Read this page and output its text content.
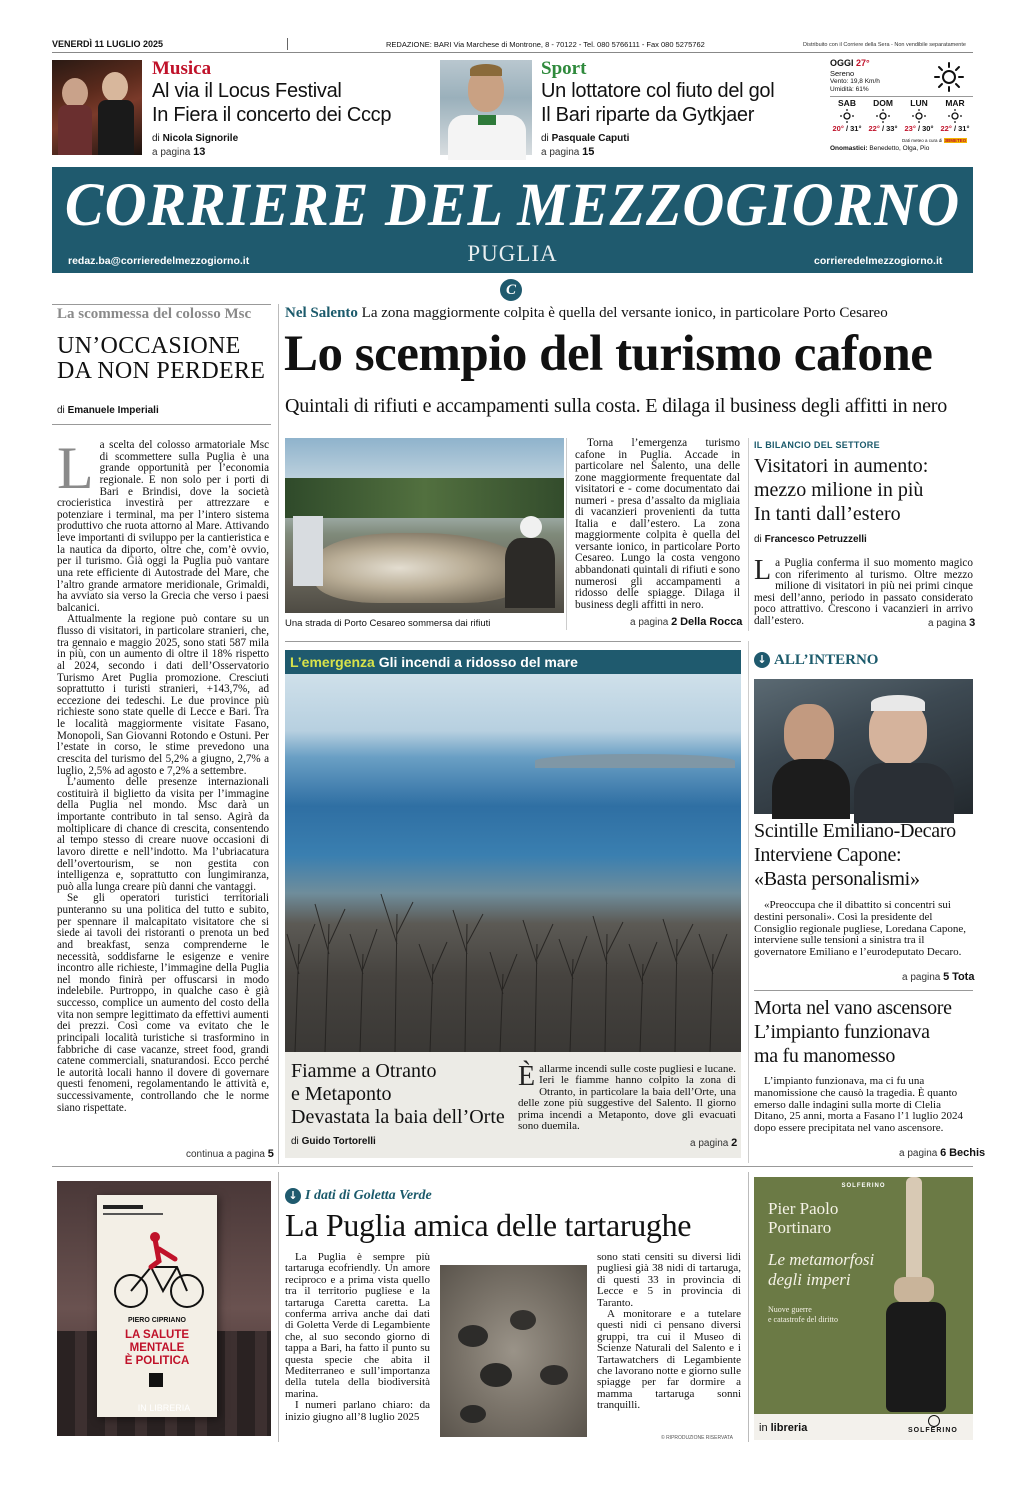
VENERDÌ 11 LUGLIO 2025	REDAZIONE: BARI Via Marchese di Montrone, 8 - 70122 - Tel. 080 5766111 - Fax 080 5275762	Distribuito con il Corriere della Sera - Non vendibile separatamente
Musica
Al via il Locus Festival
In Fiera il concerto dei Cccp
di Nicola Signorile
a pagina 13
Sport
Un lottatore col fiuto del gol
Il Bari riparte da Gytkjaer
di Pasquale Caputi
a pagina 15
OGGI 27°
Sereno
Vento: 19,8 Km/h
Umidità: 61%
SAB
20° / 31°
DOM
22° / 33°
LUN
23° / 30°
MAR
22° / 31°
Dati meteo a cura di 3BMETEO
Onomastici: Benedetto, Olga, Pio
CORRIERE DEL MEZZOGIORNO
PUGLIA
redaz.ba@corrieredelmezzogiorno.it	corrieredelmezzogiorno.it
C
La scommessa del colosso Msc
UN’OCCASIONE
DA NON PERDERE
di Emanuele Imperiali
L a scelta del colosso armatoriale Msc di scommettere sulla Puglia è una grande opportunità per l’economia regionale. E non solo per i porti di Bari e Brindisi, dove la società crocieristica investirà per attrezzare e potenziare i terminal, ma per l’intero sistema produttivo che ruota attorno al Mare. Attivando leve importanti di sviluppo per la cantieristica e la nautica da diporto, oltre che, com’è ovvio, per il turismo. Già oggi la Puglia può vantare una rete efficiente di Autostrade del Mare, che l’altro grande armatore meridionale, Grimaldi, ha avviato sia verso la Grecia che verso i paesi balcanici.
Attualmente la regione può contare su un flusso di visitatori, in particolare stranieri, che, tra gennaio e maggio 2025, sono stati 587 mila in più, con un aumento di oltre il 18% rispetto al 2024, secondo i dati dell’Osservatorio Turismo Aret Puglia promozione. Cresciuti soprattutto i turisti stranieri, +143,7%, ad eccezione dei tedeschi. Le due province più richieste sono state quelle di Lecce e Bari. Tra le località maggiormente visitate Fasano, Monopoli, San Giovanni Rotondo e Ostuni. Per l’estate in corso, le stime prevedono una crescita del turismo del 5,2% a giugno, 2,7% a luglio, 2,5% ad agosto e 7,2% a settembre.
L’aumento delle presenze internazionali costituirà il biglietto da visita per l’immagine della Puglia nel mondo. Msc darà un importante contributo in tal senso. Agirà da moltiplicare di chance di crescita, consentendo al tempo stesso di creare nuove occasioni di lavoro dirette e nell’indotto. Ma l’ubriacatura dell’overtourism, se non gestita con intelligenza e, soprattutto con lungimiranza, può alla lunga creare più danni che vantaggi.
Se gli operatori turistici territoriali punteranno su una politica del tutto e subito, per spennare il malcapitato visitatore che si siede ai tavoli dei ristoranti o prenota un bed and breakfast, senza comprenderne le necessità, soddisfarne le esigenze e venire incontro alle richieste, l’immagine della Puglia nel mondo finirà per offuscarsi in modo indelebile. Purtroppo, in qualche caso è già successo, complice un aumento del costo della vita non sempre legittimato da effettivi aumenti dei prezzi. Così come va evitato che le principali località turistiche si trasformino in fabbriche di case vacanze, street food, grandi catene commerciali, snaturandosi. Ecco perché le autorità locali hanno il dovere di governare questi fenomeni, regolamentando le attività e, successivamente, controllando che le norme siano rispettate.
continua a pagina 5
Nel Salento La zona maggiormente colpita è quella del versante ionico, in particolare Porto Cesareo
Lo scempio del turismo cafone
Quintali di rifiuti e accampamenti sulla costa. E dilaga il business degli affitti in nero
Una strada di Porto Cesareo sommersa dai rifiuti
Torna l’emergenza turismo cafone in Puglia. Accade in particolare nel Salento, una delle zone maggiormente frequentate dal visitatori e - come documentato dai numeri - presa d’assalto da migliaia di vacanzieri provenienti da tutta Italia e dall’estero. La zona maggiormente colpita è quella del versante ionico, in particolare Porto Cesareo. Lungo la costa vengono abbandonati quintali di rifiuti e sono numerosi gli accampamenti a ridosso delle spiagge. Dilaga il business degli affitti in nero.
a pagina 2 Della Rocca
IL BILANCIO DEL SETTORE
Visitatori in aumento:
mezzo milione in più
In tanti dall’estero
di Francesco Petruzzelli
La Puglia conferma il suo momento magico con riferimento al turismo. Oltre mezzo milione di visitatori in più nei primi cinque mesi dell’anno, periodo in passato considerato poco attrattivo. Crescono i vacanzieri in arrivo dall’estero.	a pagina 3
L’emergenza Gli incendi a ridosso del mare
Fiamme a Otranto
e Metaponto
Devastata la baia dell’Orte
di Guido Tortorelli
Èallarme incendi sulle coste pugliesi e lucane. Ieri le fiamme hanno colpito la zona di Otranto, in particolare la baia dell’Orte, una delle zone più suggestive del Salento. Il giorno prima incendi a Metaponto, dove gli evacuati sono duemila.
a pagina 2
↓ ALL’INTERNO
Scintille Emiliano-Decaro
Interviene Capone:
«Basta personalismi»
«Preoccupa che il dibattito si concentri sui destini personali». Così la presidente del Consiglio regionale pugliese, Loredana Capone, interviene sulle tensioni a sinistra tra il governatore Emiliano e l’eurodeputato Decaro.
a pagina 5 Tota
Morta nel vano ascensore
L’impianto funzionava
ma fu manomesso
L’impianto funzionava, ma ci fu una manomissione che causò la tragedia. È quanto emerso dalle indagini sulla morte di Clelia Ditano, 25 anni, morta a Fasano l’1 luglio 2024 dopo essere precipitata nel vano ascensore.
a pagina 6 Bechis
PIERO CIPRIANO
LA SALUTE
MENTALE
È POLITICA
IN LIBRERIA
↓ I dati di Goletta Verde
La Puglia amica delle tartarughe
La Puglia è sempre più tartaruga ecofriendly. Un amore reciproco e a prima vista quello tra il territorio pugliese e la tartaruga Caretta caretta. La conferma arriva anche dai dati di Goletta Verde di Legambiente che, al suo secondo giorno di tappa a Bari, ha fatto il punto su questa specie che abita il Mediterraneo e sull’importanza della tutela della biodiversità marina.
I numeri parlano chiaro: da inizio giugno all’8 luglio 2025
sono stati censiti su diversi lidi pugliesi già 38 nidi di tartaruga, di questi 33 in provincia di Lecce e 5 in provincia di Taranto.
A monitorare e a tutelare questi nidi ci pensano diversi gruppi, tra cui il Museo di Scienze Naturali del Salento e i Tartawatchers di Legambiente che lavorano notte e giorno sulle spiagge per far dormire a mamma tartaruga sonni tranquilli.
© RIPRODUZIONE RISERVATA
SOLFERINO
Pier Paolo
Portinaro
Le metamorfosi
degli imperi
Nuove guerre
e catastrofe del diritto
in libreria	SOLFERINO
